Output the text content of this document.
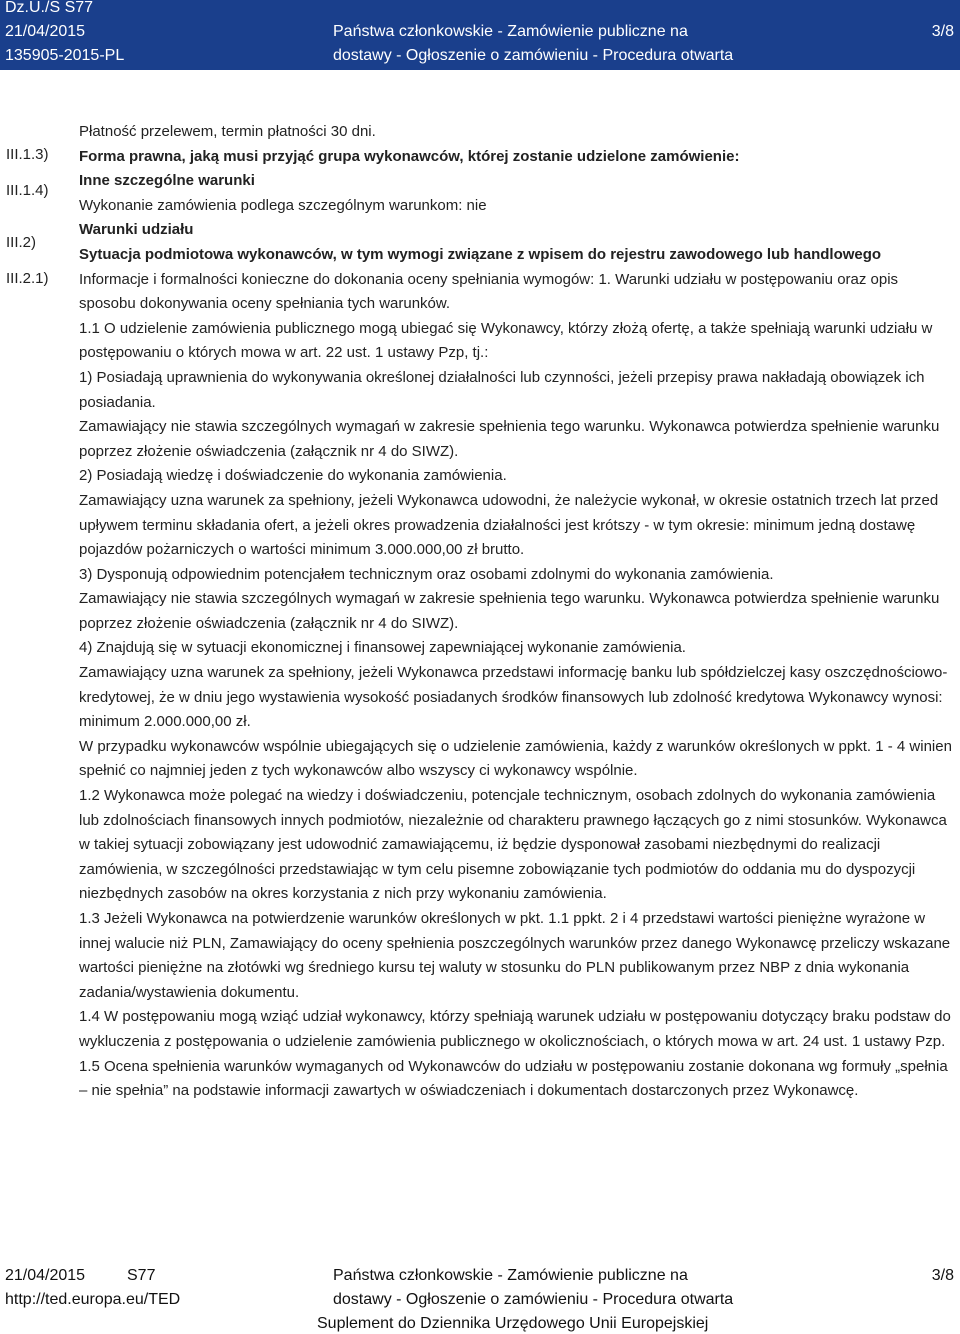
Dz.U./S S77
21/04/2015
135905-2015-PL
Państwa członkowskie - Zamówienie publiczne na
dostawy - Ogłoszenie o zamówieniu - Procedura otwarta
3/8
III.1.3)
III.1.4)
III.2)
III.2.1)

Płatność przelewem, termin płatności 30 dni.

Forma prawna, jaką musi przyjąć grupa wykonawców, której zostanie udzielone zamówienie:

Inne szczególne warunki

Wykonanie zamówienia podlega szczególnym warunkom: nie

Warunki udziału

Sytuacja podmiotowa wykonawców, w tym wymogi związane z wpisem do rejestru zawodowego lub handlowego

Informacje i formalności konieczne do dokonania oceny spełniania wymogów: 1. Warunki udziału w postępowaniu oraz opis sposobu dokonywania oceny spełniania tych warunków.

1.1 O udzielenie zamówienia publicznego mogą ubiegać się Wykonawcy, którzy złożą ofertę, a także spełniają warunki udziału w postępowaniu o których mowa w art. 22 ust. 1 ustawy Pzp, tj.:

1) Posiadają uprawnienia do wykonywania określonej działalności lub czynności, jeżeli przepisy prawa nakładają obowiązek ich posiadania.

Zamawiający nie stawia szczególnych wymagań w zakresie spełnienia tego warunku. Wykonawca potwierdza spełnienie warunku poprzez złożenie oświadczenia (załącznik nr 4 do SIWZ).

2) Posiadają wiedzę i doświadczenie do wykonania zamówienia.

Zamawiający uzna warunek za spełniony, jeżeli Wykonawca udowodni, że należycie wykonał, w okresie ostatnich trzech lat przed upływem terminu składania ofert, a jeżeli okres prowadzenia działalności jest krótszy - w tym okresie: minimum jedną dostawę pojazdów pożarniczych o wartości minimum 3.000.000,00 zł brutto.

3) Dysponują odpowiednim potencjałem technicznym oraz osobami zdolnymi do wykonania zamówienia.

Zamawiający nie stawia szczególnych wymagań w zakresie spełnienia tego warunku. Wykonawca potwierdza spełnienie warunku poprzez złożenie oświadczenia (załącznik nr 4 do SIWZ).

4) Znajdują się w sytuacji ekonomicznej i finansowej zapewniającej wykonanie zamówienia.

Zamawiający uzna warunek za spełniony, jeżeli Wykonawca przedstawi informację banku lub spółdzielczej kasy oszczędnościowo-kredytowej, że w dniu jego wystawienia wysokość posiadanych środków finansowych lub zdolność kredytowa Wykonawcy wynosi: minimum 2.000.000,00 zł.

W przypadku wykonawców wspólnie ubiegających się o udzielenie zamówienia, każdy z warunków określonych w ppkt. 1 - 4 winien spełnić co najmniej jeden z tych wykonawców albo wszyscy ci wykonawcy wspólnie.

1.2 Wykonawca może polegać na wiedzy i doświadczeniu, potencjale technicznym, osobach zdolnych do wykonania zamówienia lub zdolnościach finansowych innych podmiotów, niezależnie od charakteru prawnego łączących go z nimi stosunków. Wykonawca w takiej sytuacji zobowiązany jest udowodnić zamawiającemu, iż będzie dysponował zasobami niezbędnymi do realizacji zamówienia, w szczególności przedstawiając w tym celu pisemne zobowiązanie tych podmiotów do oddania mu do dyspozycji niezbędnych zasobów na okres korzystania z nich przy wykonaniu zamówienia.

1.3 Jeżeli Wykonawca na potwierdzenie warunków określonych w pkt. 1.1 ppkt. 2 i 4 przedstawi wartości pieniężne wyrażone w innej walucie niż PLN, Zamawiający do oceny spełnienia poszczególnych warunków przez danego Wykonawcę przeliczy wskazane wartości pieniężne na złotówki wg średniego kursu tej waluty w stosunku do PLN publikowanym przez NBP z dnia wykonania zadania/wystawienia dokumentu.

1.4 W postępowaniu mogą wziąć udział wykonawcy, którzy spełniają warunek udziału w postępowaniu dotyczący braku podstaw do wykluczenia z postępowania o udzielenie zamówienia publicznego w okolicznościach, o których mowa w art. 24 ust. 1 ustawy Pzp.

1.5 Ocena spełnienia warunków wymaganych od Wykonawców do udziału w postępowaniu zostanie dokonana wg formuły „spełnia – nie spełnia” na podstawie informacji zawartych w oświadczeniach i dokumentach dostarczonych przez Wykonawcę.

21/04/2015	S77
http://ted.europa.eu/TED
Państwa członkowskie - Zamówienie publiczne na
dostawy - Ogłoszenie o zamówieniu - Procedura otwarta
Suplement do Dziennika Urzędowego Unii Europejskiej
3/8
